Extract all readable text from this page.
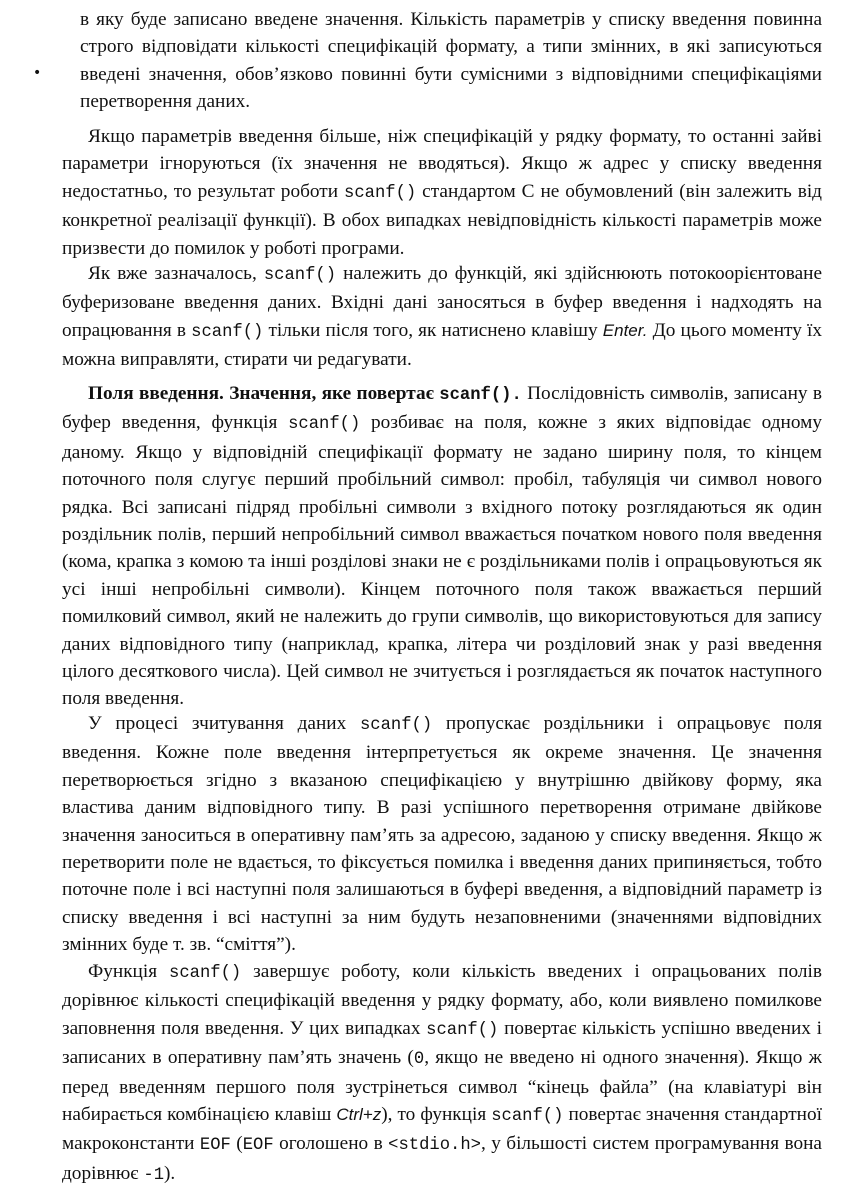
•

в яку буде записано введене значення. Кількість параметрів у списку введення повинна строго відповідати кількості специфікацій формату, а типи змінних, в які записуються введені значення, обов’язково повинні бути сумісними з відповідними специфікаціями перетворення даних.

Якщо параметрів введення більше, ніж специфікацій у рядку формату, то останні зайві параметри ігноруються (їх значення не вводяться). Якщо ж адрес у списку введення недостатньо, то результат роботи scanf() стандартом С не обумовлений (він залежить від конкретної реалізації функції). В обох випадках невідповідність кількості параметрів може призвести до помилок у роботі програми.

Як вже зазначалось, scanf() належить до функцій, які здійснюють потокоорієнтоване буферизоване введення даних. Вхідні дані заносяться в буфер введення і надходять на опрацювання в scanf() тільки після того, як натиснено клавішу Enter. До цього моменту їх можна виправляти, стирати чи редагувати.

Поля введення. Значення, яке повертає scanf(). Послідовність символів, записану в буфер введення, функція scanf() розбиває на поля, кожне з яких відповідає одному даному. Якщо у відповідній специфікації формату не задано ширину поля, то кінцем поточного поля слугує перший пробільний символ: пробіл, табуляція чи символ нового рядка. Всі записані підряд пробільні символи з вхідного потоку розглядаються як один роздільник полів, перший непробільний символ вважається початком нового поля введення (кома, крапка з комою та інші розділові знаки не є роздільниками полів і опрацьовуються як усі інші непробільні символи). Кінцем поточного поля також вважається перший помилковий символ, який не належить до групи символів, що використовуються для запису даних відповідного типу (наприклад, крапка, літера чи розділовий знак у разі введення цілого десяткового числа). Цей символ не зчитується і розглядається як початок наступного поля введення.

У процесі зчитування даних scanf() пропускає роздільники і опрацьовує поля введення. Кожне поле введення інтерпретується як окреме значення. Це значення перетворюється згідно з вказаною специфікацією у внутрішню двійкову форму, яка властива даним відповідного типу. В разі успішного перетворення отримане двійкове значення заноситься в оперативну пам’ять за адресою, заданою у списку введення. Якщо ж перетворити поле не вдається, то фіксується помилка і введення даних припиняється, тобто поточне поле і всі наступні поля залишаються в буфері введення, а відповідний параметр із списку введення і всі наступні за ним будуть незаповненими (значеннями відповідних змінних буде т. зв. “сміття”).

Функція scanf() завершує роботу, коли кількість введених і опрацьованих полів дорівнює кількості специфікацій введення у рядку формату, або, коли виявлено помилкове заповнення поля введення. У цих випадках scanf() повертає кількість успішно введених і записаних в оперативну пам’ять значень (0, якщо не введено ні одного значення). Якщо ж перед введенням першого поля зустрінеться символ “кінець файла” (на клавіатурі він набирається комбінацією клавіш Ctrl+z), то функція scanf() повертає значення стандартної макроконстанти EOF (EOF оголошено в <stdio.h>, у більшості систем програмування вона дорівнює -1).
